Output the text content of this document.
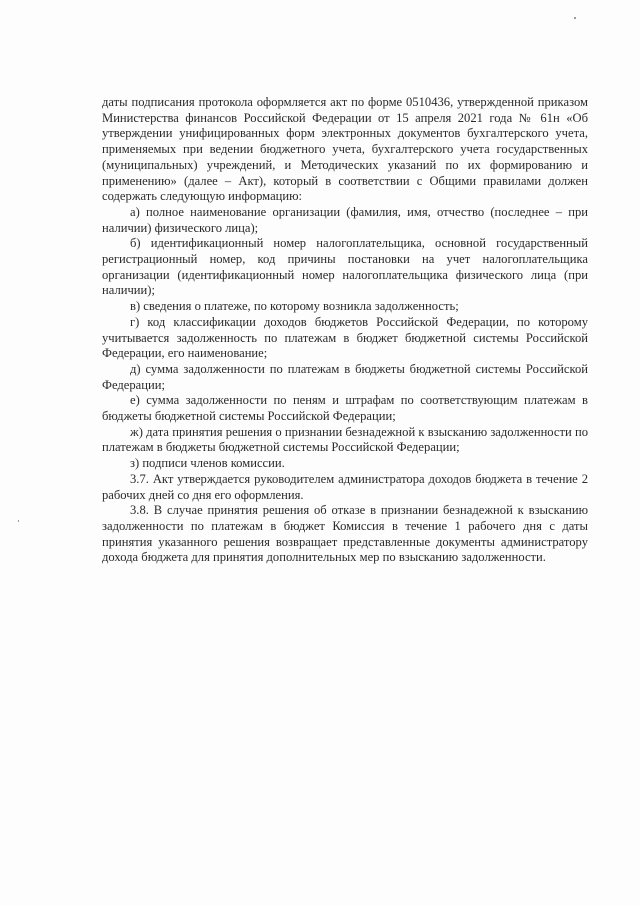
даты подписания протокола оформляется акт по форме 0510436, утвержденной приказом Министерства финансов Российской Федерации от 15 апреля 2021 года № 61н «Об утверждении унифицированных форм электронных документов бухгалтерского учета, применяемых при ведении бюджетного учета, бухгалтерского учета государственных (муниципальных) учреждений, и Методических указаний по их формированию и применению» (далее – Акт), который в соответствии с Общими правилами должен содержать следующую информацию:

а) полное наименование организации (фамилия, имя, отчество (последнее – при наличии) физического лица);

б) идентификационный номер налогоплательщика, основной государственный регистрационный номер, код причины постановки на учет налогоплательщика организации (идентификационный номер налогоплательщика физического лица (при наличии);

в) сведения о платеже, по которому возникла задолженность;

г) код классификации доходов бюджетов Российской Федерации, по которому учитывается задолженность по платежам в бюджет бюджетной системы Российской Федерации, его наименование;

д) сумма задолженности по платежам в бюджеты бюджетной системы Российской Федерации;

е) сумма задолженности по пеням и штрафам по соответствующим платежам в бюджеты бюджетной системы Российской Федерации;

ж) дата принятия решения о признании безнадежной к взысканию задолженности по платежам в бюджеты бюджетной системы Российской Федерации;

з) подписи членов комиссии.

3.7. Акт утверждается руководителем администратора доходов бюджета в течение 2 рабочих дней со дня его оформления.

3.8. В случае принятия решения об отказе в признании безнадежной к взысканию задолженности по платежам в бюджет Комиссия в течение 1 рабочего дня с даты принятия указанного решения возвращает представленные документы администратору дохода бюджета для принятия дополнительных мер по взысканию задолженности.
